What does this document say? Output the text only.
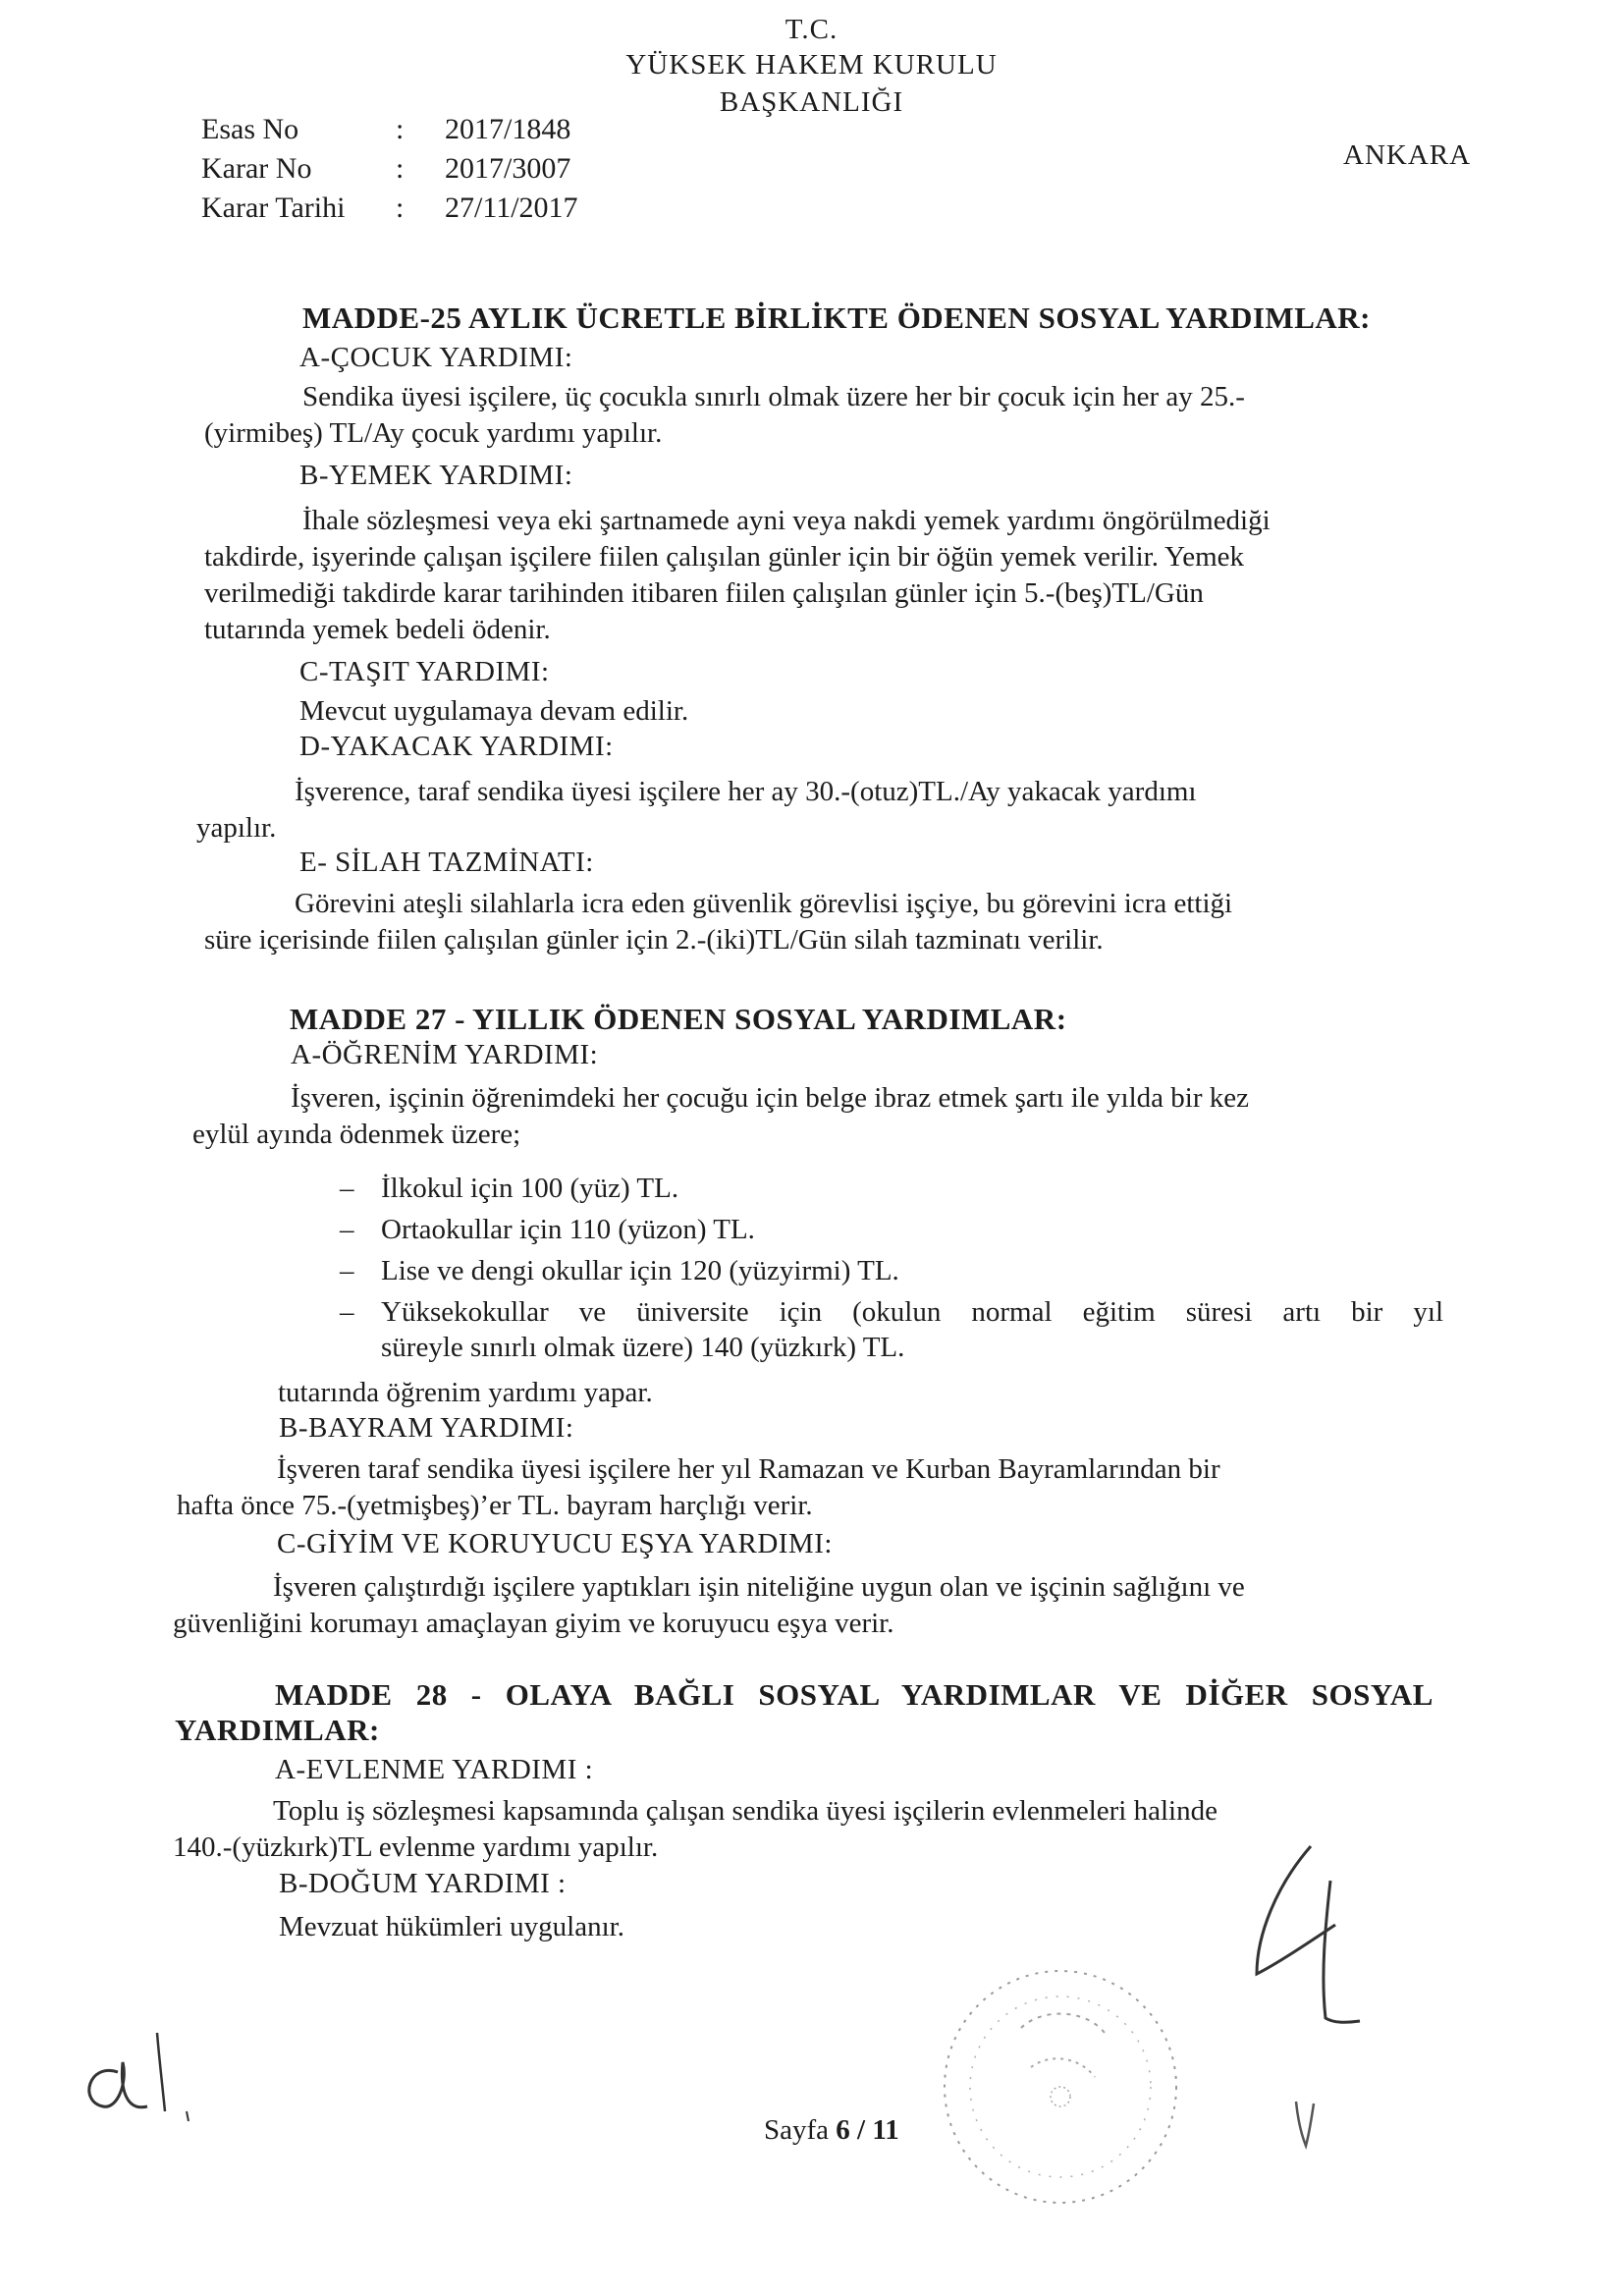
T.C.
YÜKSEK HAKEM KURULU
BAŞKANLIĞI
Esas No	: 2017/1848
Karar No	: 2017/3007
Karar Tarihi : 27/11/2017
ANKARA
MADDE-25 AYLIK ÜCRETLE BİRLİKTE ÖDENEN SOSYAL YARDIMLAR:
A-ÇOCUK YARDIMI:
Sendika üyesi işçilere, üç çocukla sınırlı olmak üzere her bir çocuk için her ay 25.-
(yirmibeş) TL/Ay çocuk yardımı yapılır.
B-YEMEK YARDIMI:
İhale sözleşmesi veya eki şartnamede ayni veya nakdi yemek yardımı öngörülmediği
takdirde, işyerinde çalışan işçilere fiilen çalışılan günler için bir öğün yemek verilir. Yemek
verilmediği takdirde karar tarihinden itibaren fiilen çalışılan günler için 5.-(beş)TL/Gün
tutarında yemek bedeli ödenir.
C-TAŞIT YARDIMI:
Mevcut uygulamaya devam edilir.
D-YAKACAK YARDIMI:
İşverence, taraf sendika üyesi işçilere her ay 30.-(otuz)TL./Ay yakacak yardımı
yapılır.
E- SİLAH TAZMİNATI:
Görevini ateşli silahlarla icra eden güvenlik görevlisi işçiye, bu görevini icra ettiği
süre içerisinde fiilen çalışılan günler için 2.-(iki)TL/Gün silah tazminatı verilir.
MADDE 27 - YILLIK ÖDENEN SOSYAL YARDIMLAR:
A-ÖĞRENİM YARDIMI:
İşveren, işçinin öğrenimdeki her çocuğu için belge ibraz etmek şartı ile yılda bir kez
eylül ayında ödenmek üzere;
– İlkokul için 100 (yüz) TL.
– Ortaokullar için 110 (yüzon) TL.
– Lise ve dengi okullar için 120 (yüzyirmi) TL.
– Yüksekokullar ve üniversite için (okulun normal eğitim süresi artı bir yıl
süreyle sınırlı olmak üzere) 140 (yüzkırk) TL.
tutarında öğrenim yardımı yapar.
B-BAYRAM YARDIMI:
İşveren taraf sendika üyesi işçilere her yıl Ramazan ve Kurban Bayramlarından bir
hafta önce 75.-(yetmişbeş)’er TL. bayram harçlığı verir.
C-GİYİM VE KORUYUCU EŞYA YARDIMI:
İşveren çalıştırdığı işçilere yaptıkları işin niteliğine uygun olan ve işçinin sağlığını ve
güvenliğini korumayı amaçlayan giyim ve koruyucu eşya verir.
MADDE 28 - OLAYA BAĞLI SOSYAL YARDIMLAR VE DİĞER SOSYAL
YARDIMLAR:
A-EVLENME YARDIMI :
Toplu iş sözleşmesi kapsamında çalışan sendika üyesi işçilerin evlenmeleri halinde
140.-(yüzkırk)TL evlenme yardımı yapılır.
B-DOĞUM YARDIMI :
Mevzuat hükümleri uygulanır.
Sayfa 6 / 11
